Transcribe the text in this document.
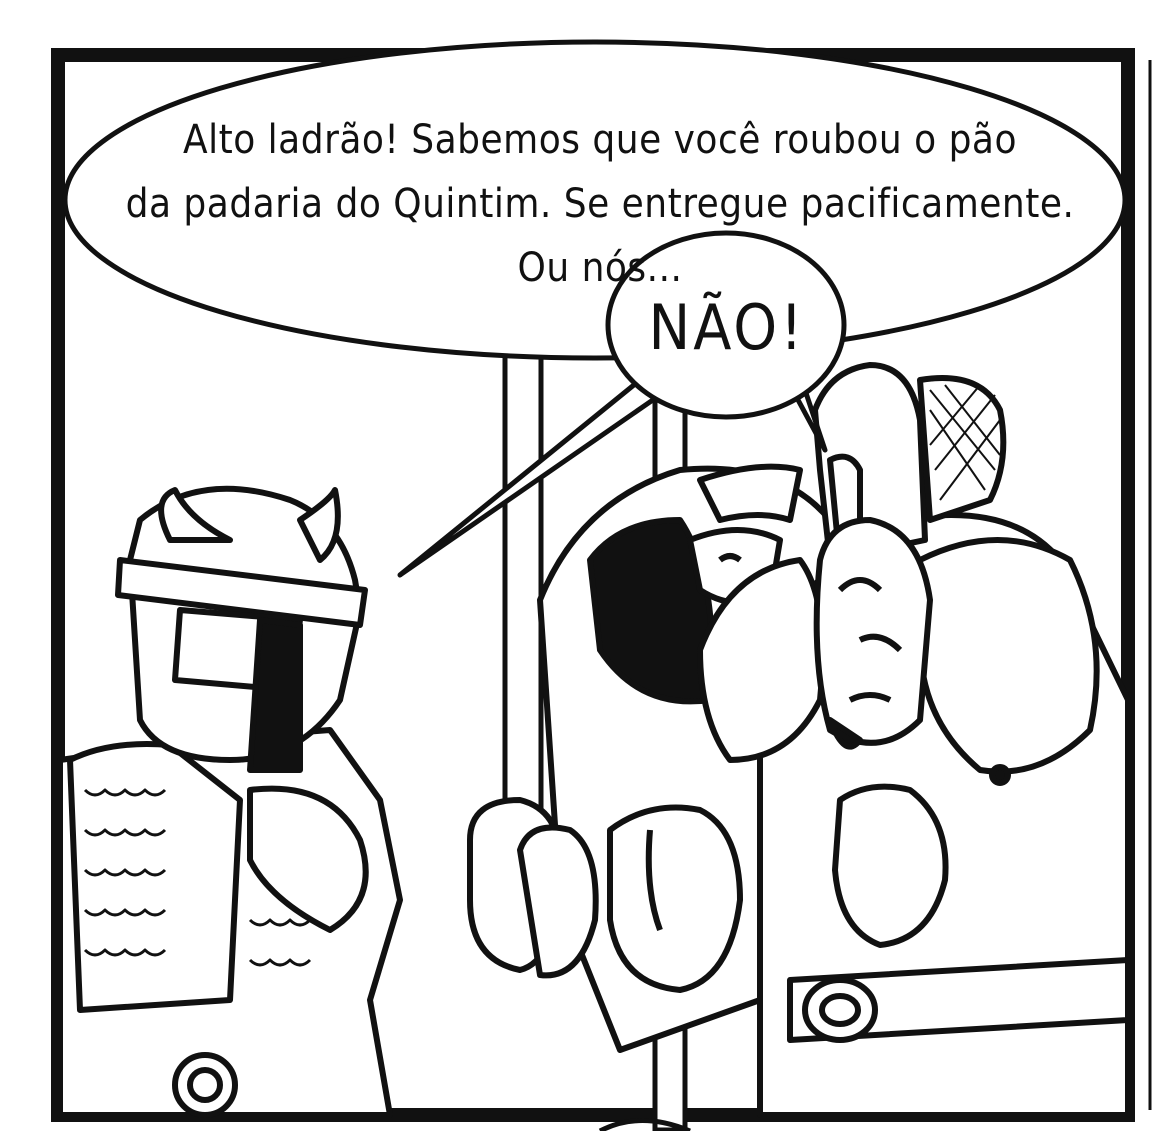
Alto ladrão! Sabemos que você roubou o pão
da padaria do Quintim. Se entregue pacificamente.
Ou nós...
NÃO!
